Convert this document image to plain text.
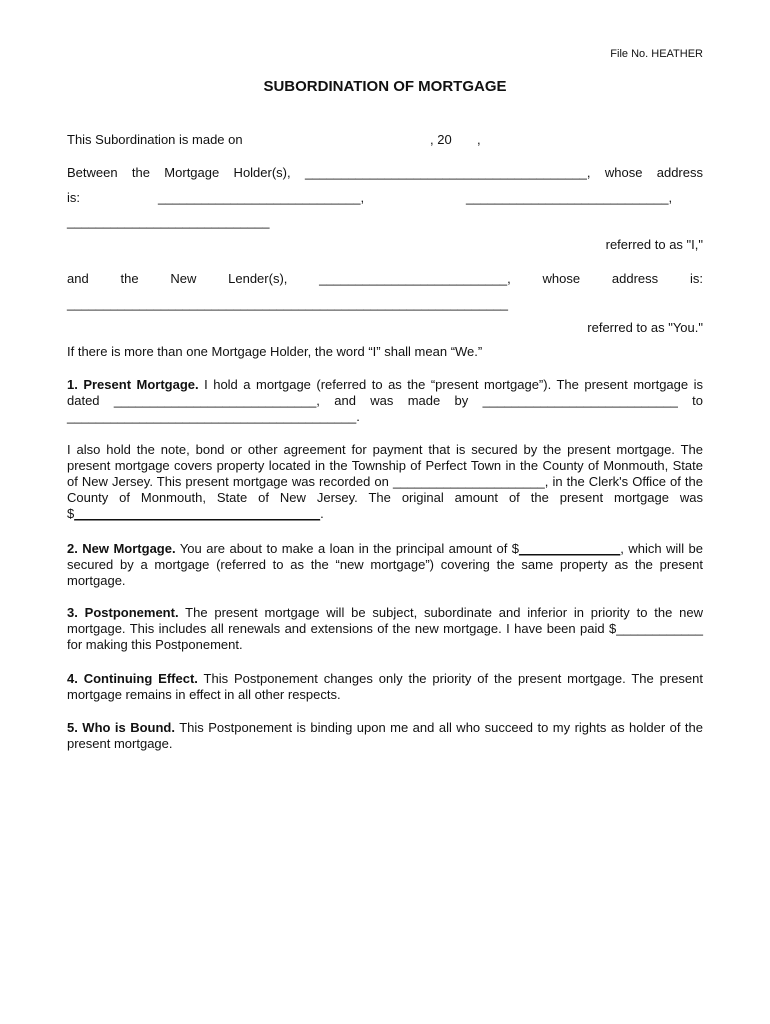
File No. HEATHER
SUBORDINATION OF MORTGAGE
This Subordination is made on	, 20 ,
Between the Mortgage Holder(s), _______________________________________, whose address
is:	____________________________,	____________________________,
____________________________
referred to as "I,"
and the New Lender(s), __________________________, whose address is:
_____________________________________________________________
referred to as "You."
If there is more than one Mortgage Holder, the word “I” shall mean “We.”
1. Present Mortgage. I hold a mortgage (referred to as the “present mortgage”). The present mortgage is dated ____________________________, and was made by ___________________________ to ________________________________________.
I also hold the note, bond or other agreement for payment that is secured by the present mortgage. The present mortgage covers property located in the Township of Perfect Town in the County of Monmouth, State of New Jersey. This present mortgage was recorded on _____________________, in the Clerk's Office of the County of Monmouth, State of New Jersey. The original amount of the present mortgage was $__________________________________.
2. New Mortgage. You are about to make a loan in the principal amount of $______________, which will be secured by a mortgage (referred to as the “new mortgage”) covering the same property as the present mortgage.
3. Postponement. The present mortgage will be subject, subordinate and inferior in priority to the new mortgage. This includes all renewals and extensions of the new mortgage. I have been paid $____________ for making this Postponement.
4. Continuing Effect. This Postponement changes only the priority of the present mortgage. The present mortgage remains in effect in all other respects.
5. Who is Bound. This Postponement is binding upon me and all who succeed to my rights as holder of the present mortgage.
